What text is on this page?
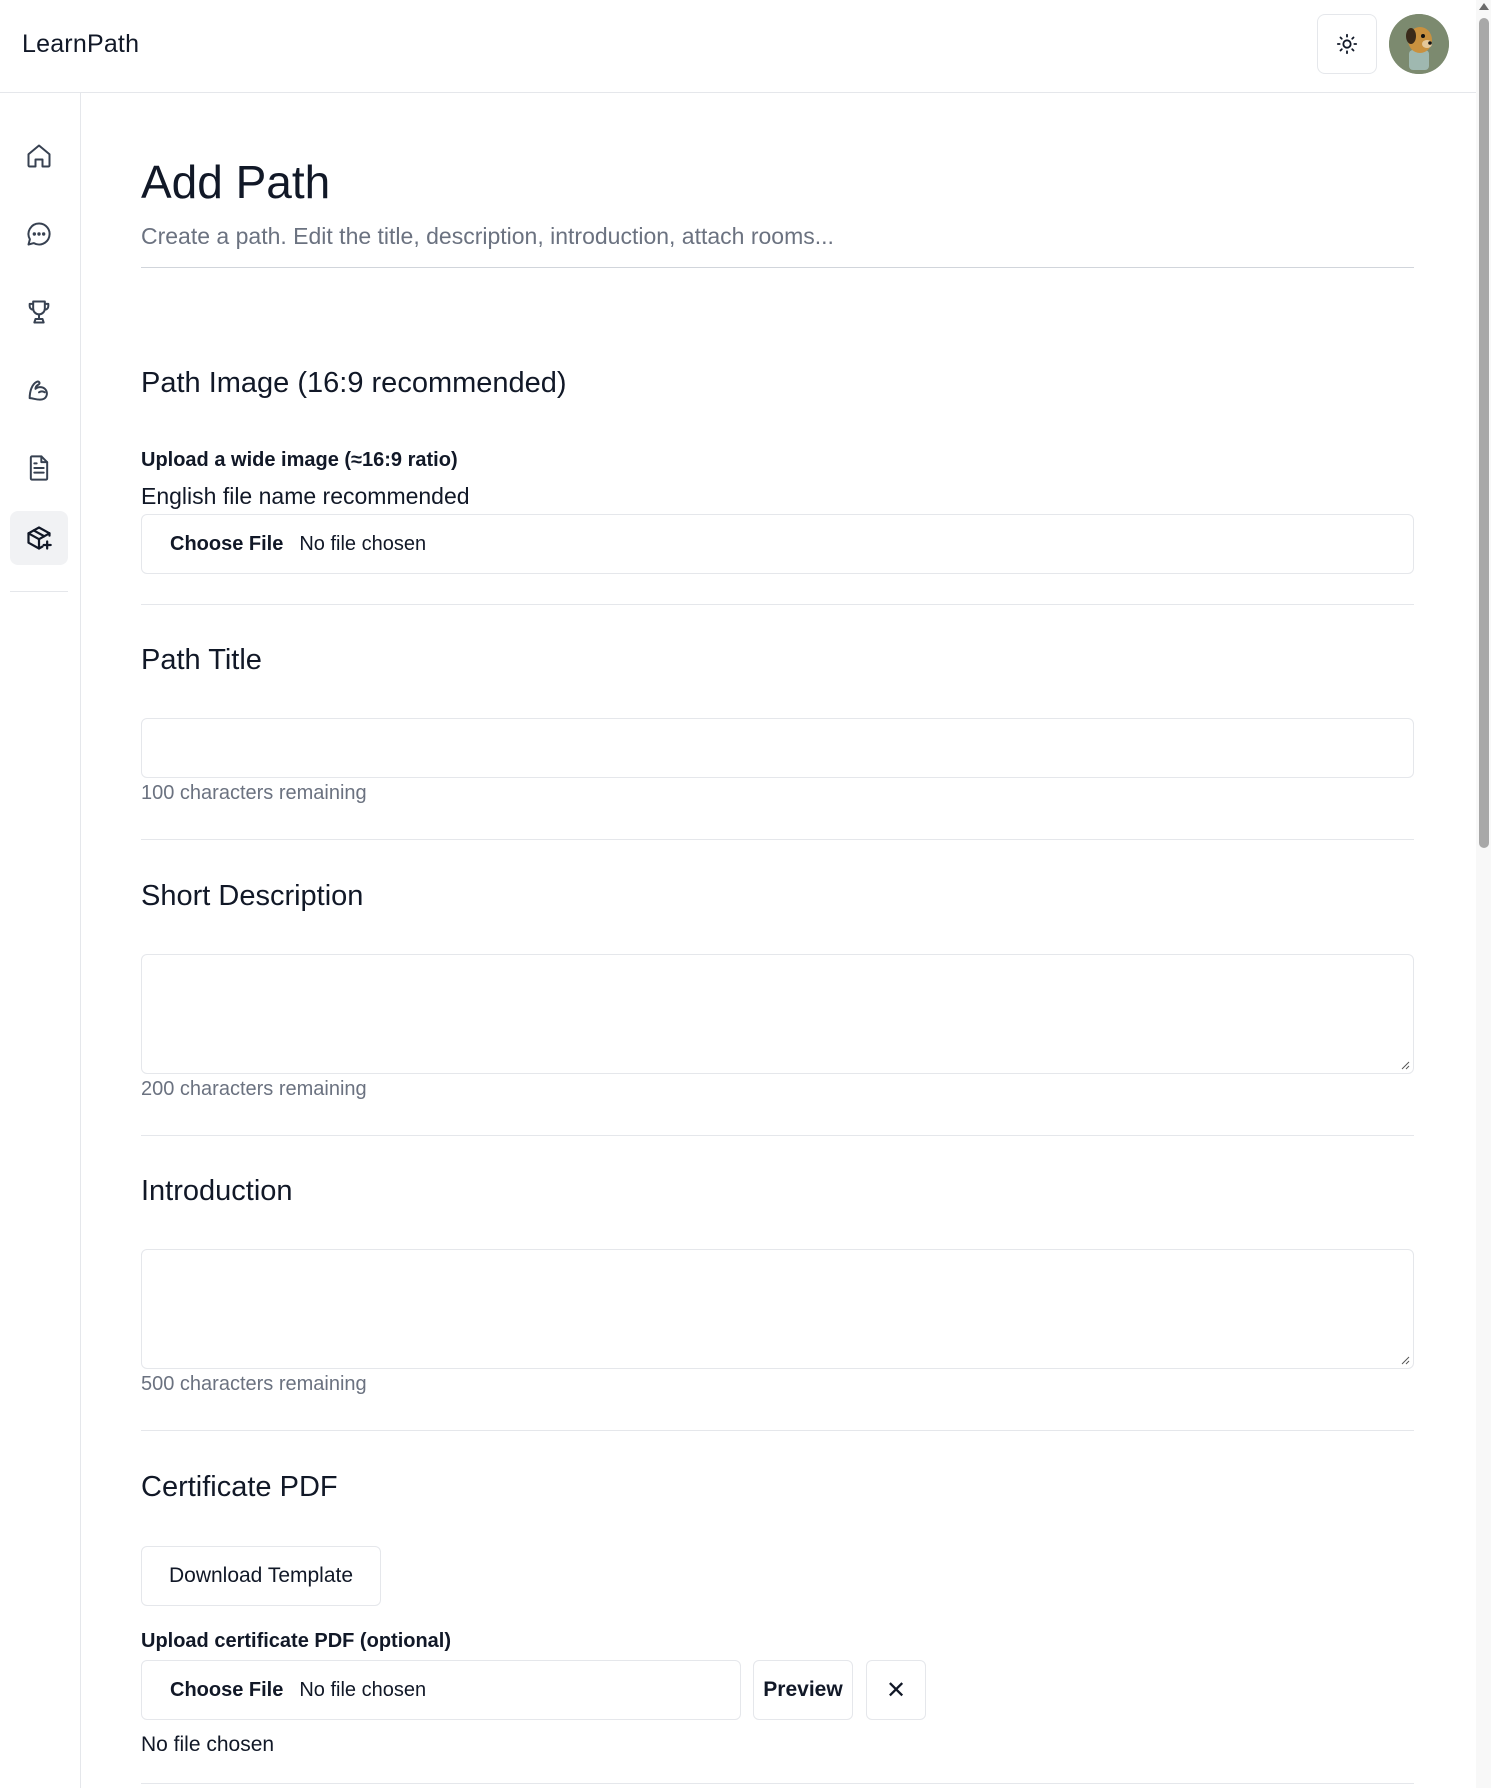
LearnPath
Add Path
Create a path. Edit the title, description, introduction, attach rooms...
Path Image (16:9 recommended)
Upload a wide image (≈16:9 ratio)
English file name recommended
Choose File No file chosen
Path Title
100 characters remaining
Short Description
200 characters remaining
Introduction
500 characters remaining
Certificate PDF
Download Template
Upload certificate PDF (optional)
Choose File No file chosen	Preview	✕
No file chosen
